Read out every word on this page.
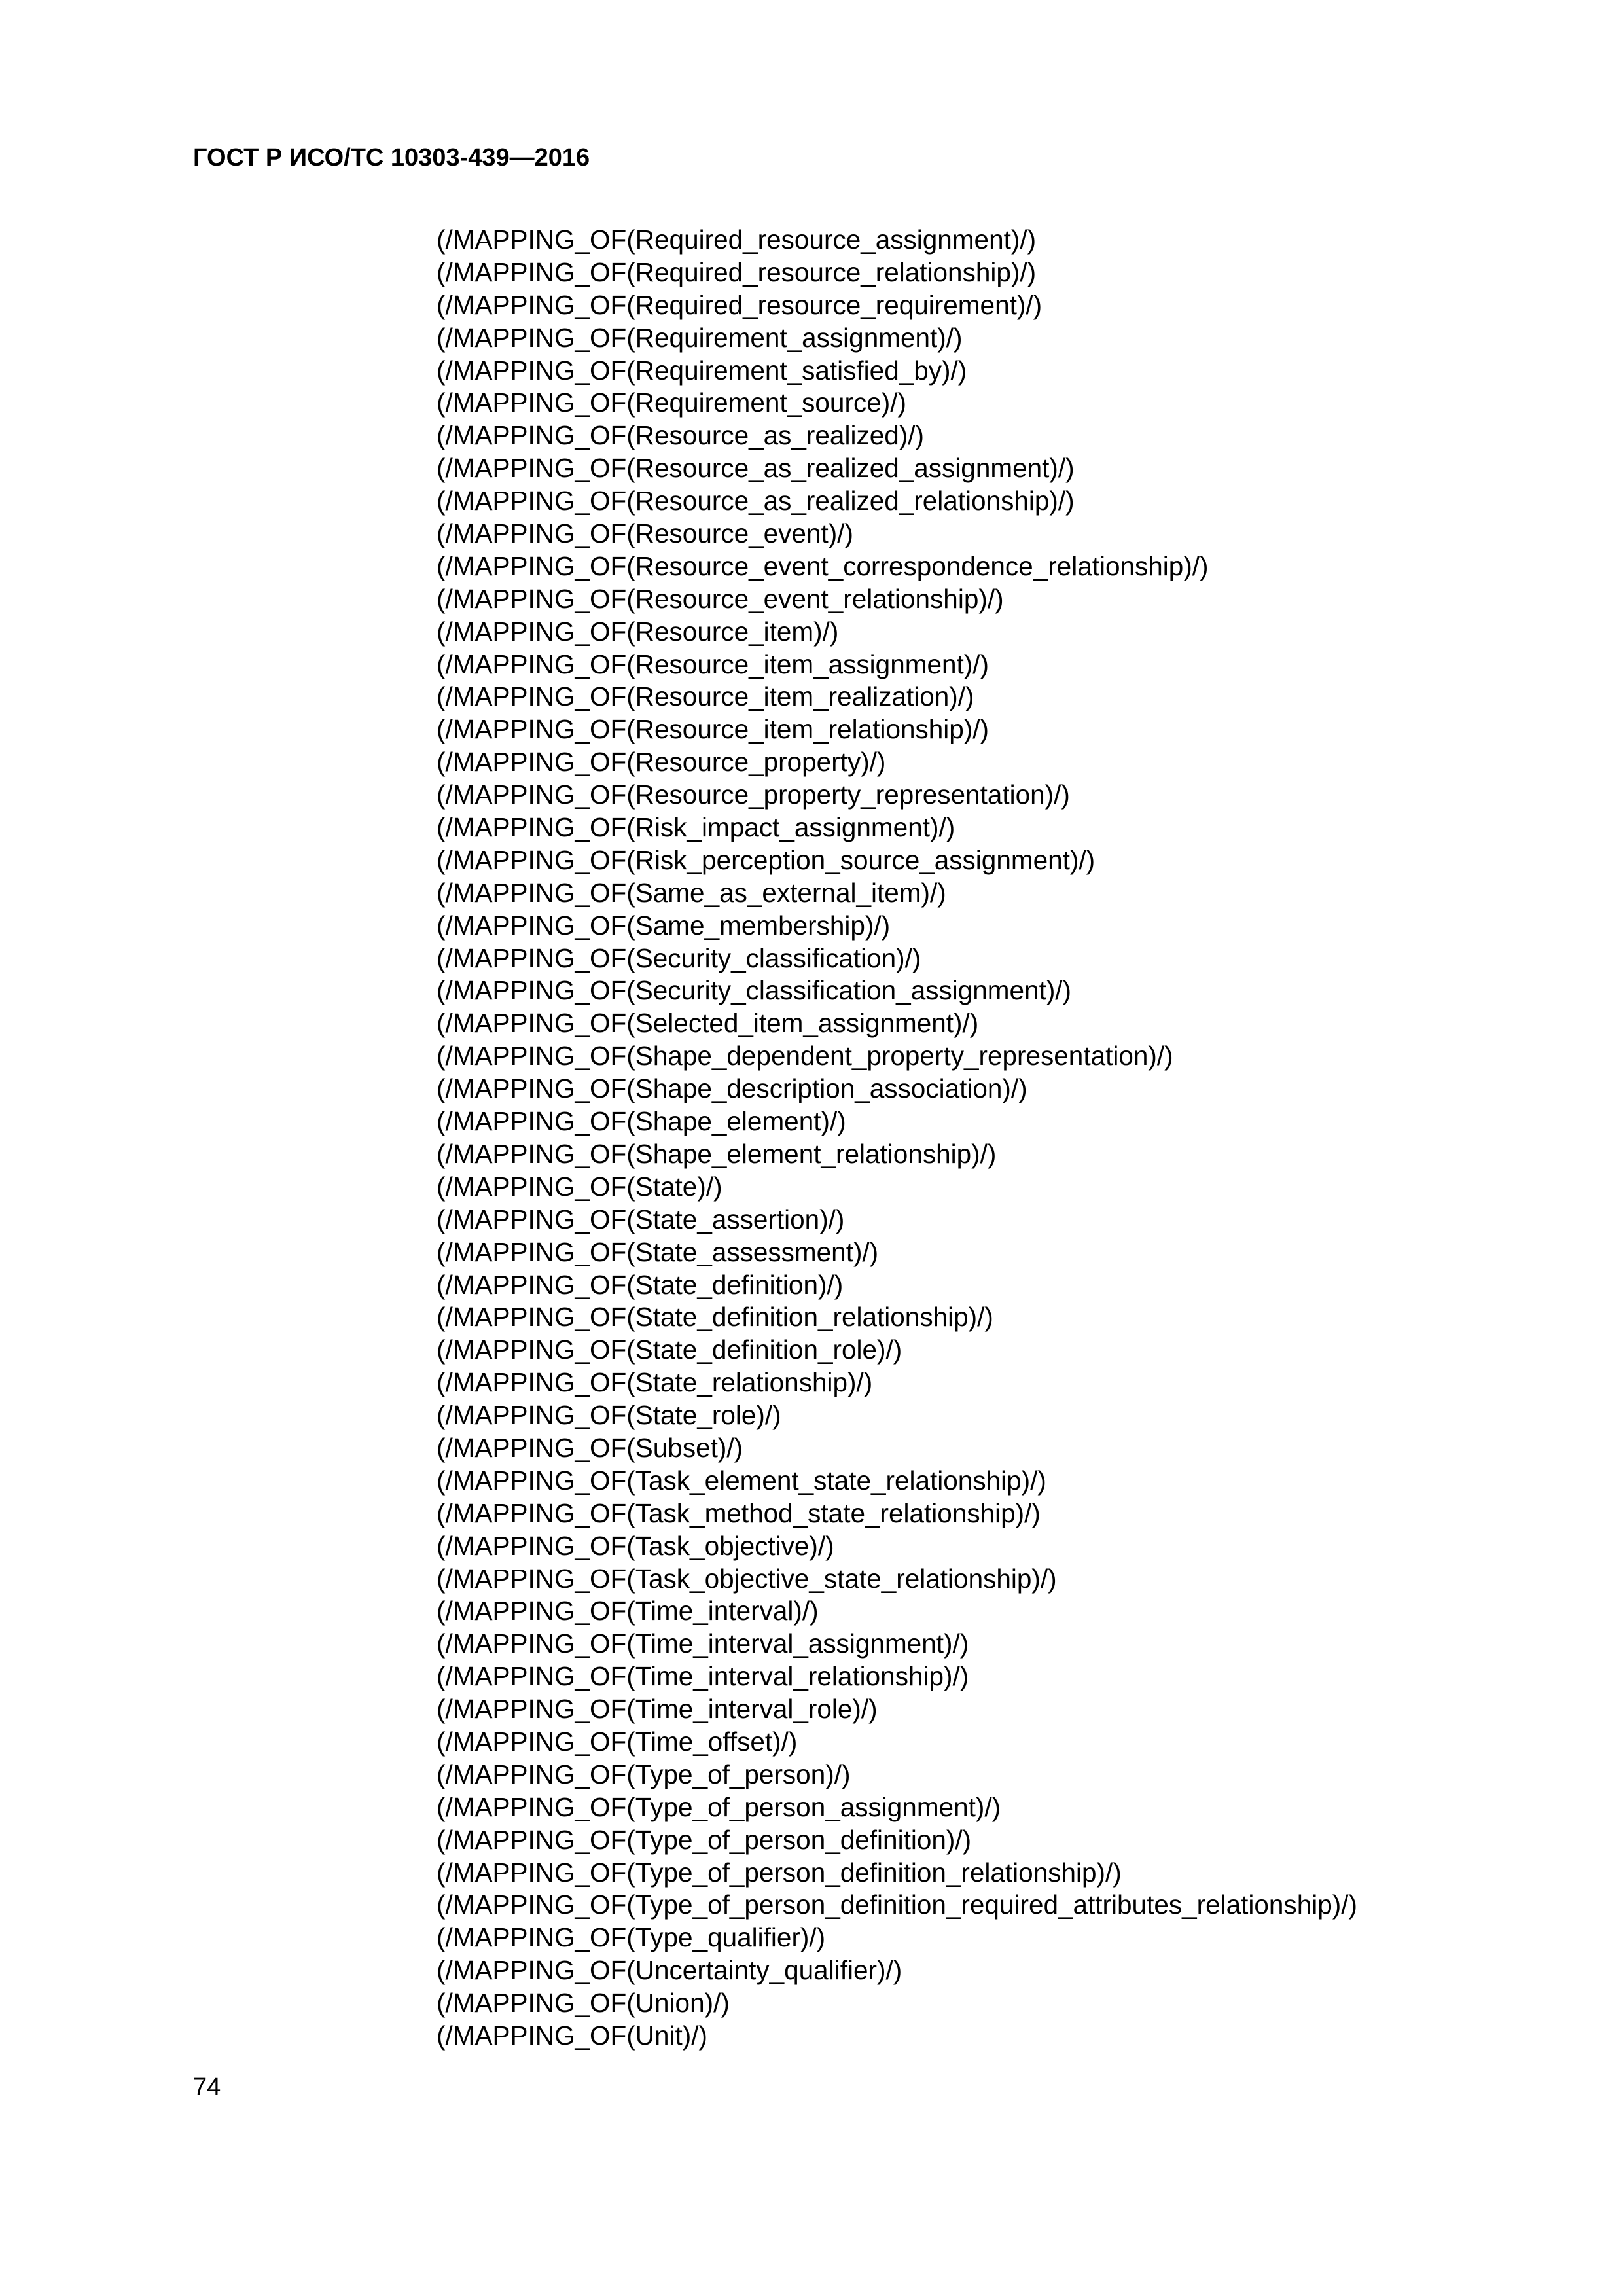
ГОСТ Р ИСО/ТС 10303-439—2016
(/MAPPING_OF(Required_resource_assignment)/)
(/MAPPING_OF(Required_resource_relationship)/)
(/MAPPING_OF(Required_resource_requirement)/)
(/MAPPING_OF(Requirement_assignment)/)
(/MAPPING_OF(Requirement_satisfied_by)/)
(/MAPPING_OF(Requirement_source)/)
(/MAPPING_OF(Resource_as_realized)/)
(/MAPPING_OF(Resource_as_realized_assignment)/)
(/MAPPING_OF(Resource_as_realized_relationship)/)
(/MAPPING_OF(Resource_event)/)
(/MAPPING_OF(Resource_event_correspondence_relationship)/)
(/MAPPING_OF(Resource_event_relationship)/)
(/MAPPING_OF(Resource_item)/)
(/MAPPING_OF(Resource_item_assignment)/)
(/MAPPING_OF(Resource_item_realization)/)
(/MAPPING_OF(Resource_item_relationship)/)
(/MAPPING_OF(Resource_property)/)
(/MAPPING_OF(Resource_property_representation)/)
(/MAPPING_OF(Risk_impact_assignment)/)
(/MAPPING_OF(Risk_perception_source_assignment)/)
(/MAPPING_OF(Same_as_external_item)/)
(/MAPPING_OF(Same_membership)/)
(/MAPPING_OF(Security_classification)/)
(/MAPPING_OF(Security_classification_assignment)/)
(/MAPPING_OF(Selected_item_assignment)/)
(/MAPPING_OF(Shape_dependent_property_representation)/)
(/MAPPING_OF(Shape_description_association)/)
(/MAPPING_OF(Shape_element)/)
(/MAPPING_OF(Shape_element_relationship)/)
(/MAPPING_OF(State)/)
(/MAPPING_OF(State_assertion)/)
(/MAPPING_OF(State_assessment)/)
(/MAPPING_OF(State_definition)/)
(/MAPPING_OF(State_definition_relationship)/)
(/MAPPING_OF(State_definition_role)/)
(/MAPPING_OF(State_relationship)/)
(/MAPPING_OF(State_role)/)
(/MAPPING_OF(Subset)/)
(/MAPPING_OF(Task_element_state_relationship)/)
(/MAPPING_OF(Task_method_state_relationship)/)
(/MAPPING_OF(Task_objective)/)
(/MAPPING_OF(Task_objective_state_relationship)/)
(/MAPPING_OF(Time_interval)/)
(/MAPPING_OF(Time_interval_assignment)/)
(/MAPPING_OF(Time_interval_relationship)/)
(/MAPPING_OF(Time_interval_role)/)
(/MAPPING_OF(Time_offset)/)
(/MAPPING_OF(Type_of_person)/)
(/MAPPING_OF(Type_of_person_assignment)/)
(/MAPPING_OF(Type_of_person_definition)/)
(/MAPPING_OF(Type_of_person_definition_relationship)/)
(/MAPPING_OF(Type_of_person_definition_required_attributes_relationship)/)
(/MAPPING_OF(Type_qualifier)/)
(/MAPPING_OF(Uncertainty_qualifier)/)
(/MAPPING_OF(Union)/)
(/MAPPING_OF(Unit)/)
74
